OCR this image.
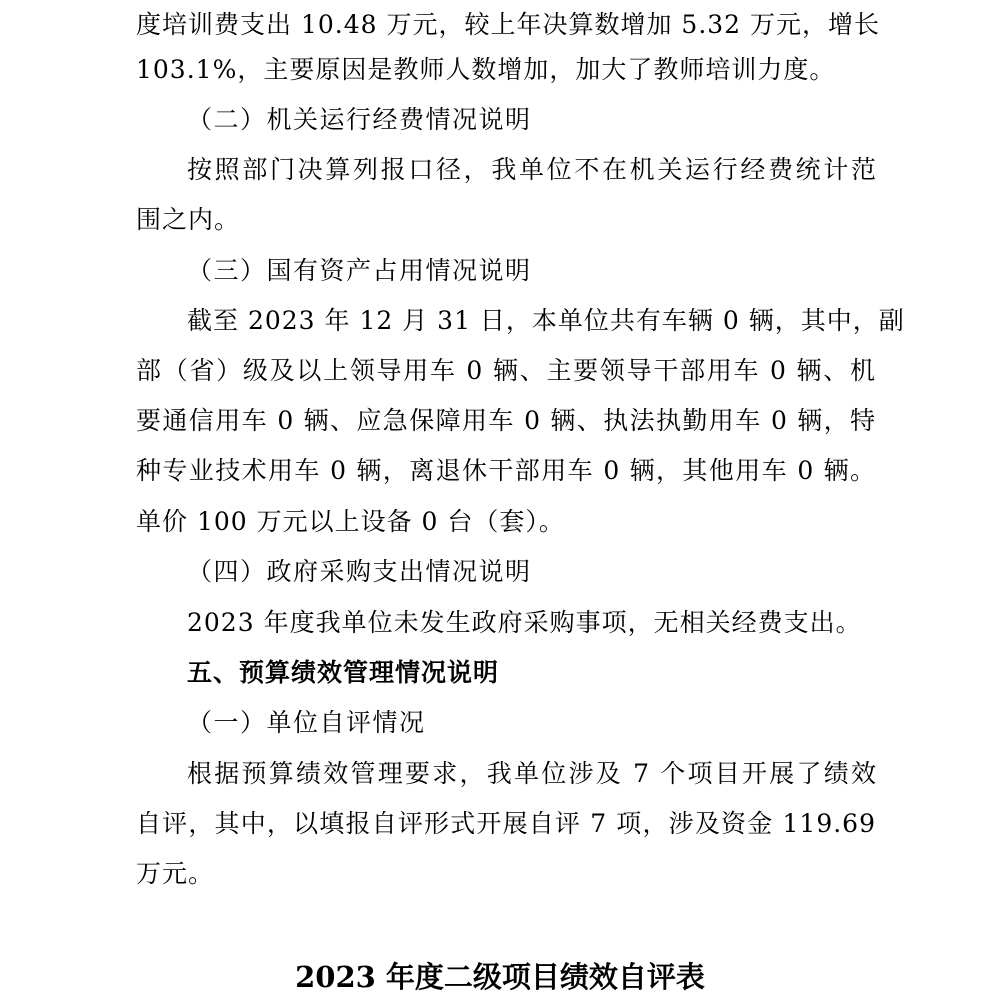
度培训费支出 10.48 万元，较上年决算数增加 5.32 万元，增长
103.1%，主要原因是教师人数增加，加大了教师培训力度。
（二）机关运行经费情况说明
按照部门决算列报口径，我单位不在机关运行经费统计范
围之内。
（三）国有资产占用情况说明
截至 2023 年 12 月 31 日，本单位共有车辆 0 辆，其中，副
部（省）级及以上领导用车 0 辆、主要领导干部用车 0 辆、机
要通信用车 0 辆、应急保障用车 0 辆、执法执勤用车 0 辆，特
种专业技术用车 0 辆，离退休干部用车 0 辆，其他用车 0 辆。
单价 100 万元以上设备 0 台（套）。
（四）政府采购支出情况说明
2023 年度我单位未发生政府采购事项，无相关经费支出。
五、预算绩效管理情况说明
（一）单位自评情况
根据预算绩效管理要求，我单位涉及 7 个项目开展了绩效
自评，其中，以填报自评形式开展自评 7 项，涉及资金 119.69
万元。
2023 年度二级项目绩效自评表
